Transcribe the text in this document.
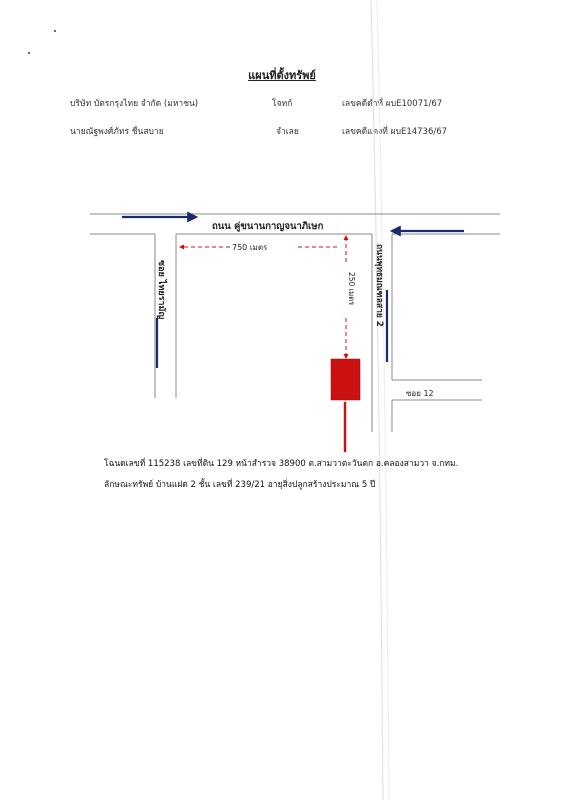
แผนที่ตั้งทรัพย์
บริษัท บัตรกรุงไทย จำกัด (มหาชน)	โจทก์	เลขคดีดำที่ ผบE10071/67
นายณัฐพงศ์ภัทร ชื่นสบาย	จำเลย	เลขคดีแดงที่ ผบE14736/67
ถนน คู่ขนานกาญจนาภิเษก
750 เมตร
250 เมตร
ซอย ไทยรามัญ	ถนนพุทธมณฑลสาย 2
ซอย 12
โฉนดเลขที่ 115238 เลขที่ดิน 129 หน้าสำรวจ 38900 ต.สามวาตะวันตก อ.คลองสามวา จ.กทม.
ลักษณะทรัพย์ บ้านแฝด 2 ชั้น เลขที่ 239/21 อายุสิ่งปลูกสร้างประมาณ 5 ปี
